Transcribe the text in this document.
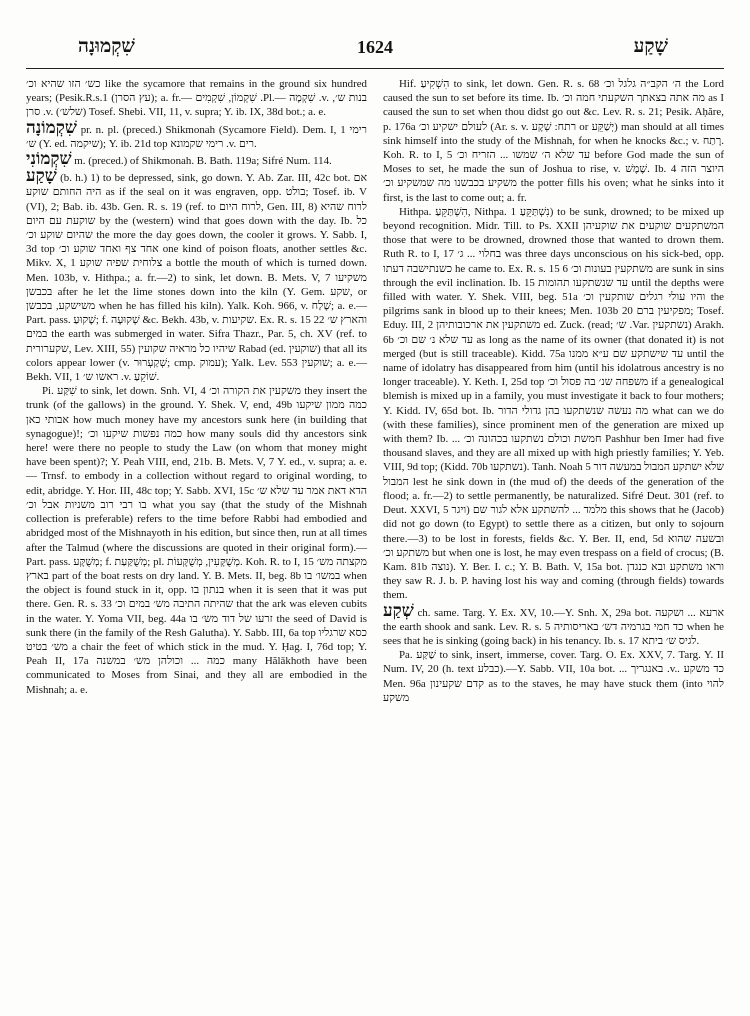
שִׁקְמוּנָה	1624	שָׁקַע

כש׳ הזו שהיא וכ׳ like the sycamore that remains in the ground six hundred years; (Pesik.R.s.1 (עץ הסרן); a. fr.— שִׁקְמוֹן, שִׁקְמִים .Pl.— שִׁקְמָה .v. בנות ש׳, סרן .v. (שלש׳) Tosef. Shebi. VII, 11, v. supra; Y. ib. IX, 38d bot.; a. e.

שִׁקְמוֹנָה pr. n. pl. (preced.) Shikmonah (Sycamore Field). Dem. I, 1 רימי ש׳ (Y. ed. שיקמה); Y. ib. 21d top רימי שקמונא .v. רים.

שִׁקְמוֹנִי m. (preced.) of Shikmonah. B. Bath. 119a; Sifré Num. 114.

שָׁקַע (b. h.) 1) to be depressed, sink, go down. Y. Ab. Zar. III, 42c bot. אם היה החותם שוקע as if the seal on it was engraven, opp. בולט; Tosef. ib. V (VI), 2; Bab. ib. 43b. Gen. R. s. 19 (ref. to לרוח היום, Gen. III, 8) לרוח שהיא שוקעת עם היום by the (western) wind that goes down with the day. Ib. כל שהיום שוקע וכ׳ the more the day goes down, the cooler it grows. Y. Sabb. I, 3d top אחד צף ואחד שוקע וכ׳ one kind of poison floats, another settles &c. Mikv. X, 1 צלוחית שפיה שוקע a bottle the mouth of which is turned down. Men. 103b, v. Hithpa.; a. fr.—2) to sink, let down. B. Mets. V, 7 משקיעו בכבשן after he let the lime stones down into the kiln (Y. Gem. שקע, or משישקע, בכבשן when he has filled his kiln). Yalk. Koh. 966, v. שָׁלַח; a. e.—Part. pass. שָׁקוּעַ; f. שְׁקוּעָה &c. Bekh. 43b, v. שקיעות. Ex. R. s. 15 22 והארץ ש׳ במים the earth was submerged in water. Sifra Thazr., Par. 5, ch. XV (ref. to שקערורית, Lev. XIII, 55) שיהיו כל מראיה שקועין Rabad (ed. שוקעין) that all its colors appear lower (v. שְׁקַעְרוּר; cmp. עמוק); Yalk. Lev. 553 שוקעין; a. e.—Bekh. VII, 1 ראשו ש׳ .v. שׁוֹקֵעַ.

Pi. שִׁקַּע to sink, let down. Snh. VI, 4 משקעין את הקורה וכ׳ they insert the trunk (of the gallows) in the ground. Y. Shek. V, end, 49b כמה ממון שיקעו אבותי כאן how much money have my ancestors sunk here (in building that synagogue)!; כמה נפשות שיקעו וכ׳ how many souls did thy ancestors sink here! were there no people to study the Law (on whom that money might have been spent)?; Y. Peah VIII, end, 21b. B. Mets. V, 7 Y. ed., v. supra; a. e.— Trnsf. to embody in a collection without regard to original wording, to edit, abridge. Y. Hor. III, 48c top; Y. Sabb. XVI, 15c הדא דאת אמר עד שלא ש׳ בו רבי רוב משניות אבל וכ׳ what you say (that the study of the Mishnah collection is preferable) refers to the time before Rabbi had embodied and abridged most of the Mishnayoth in his edition, but since then, run at all times after the Talmud (where the discussions are quoted in their original form).—Part. pass. מְשֻׁקָּע; f. מְשֻׁקַּעַת; pl. מְשֻׁקָּעִין, מְשֻׁקָּעוֹת. Koh. R. to I, 15 מקצתה מש׳ בארץ part of the boat rests on dry land. Y. B. Mets. II, beg. 8b במשו׳ בו when the object is found stuck in it, opp. בנתון בו when it is seen that it was put there. Gen. R. s. 33 שהיתה התיבה מש׳ במים וכ׳ that the ark was eleven cubits in the water. Y. Yoma VII, beg. 44a זרעו של דוד מש׳ בו the seed of David is sunk there (in the family of the Resh Galutha). Y. Sabb. III, 6a top כסא שרגליו מש׳ בטיט a chair the feet of which stick in the mud. Y. Ḥag. I, 76d top; Y. Peah II, 17a כמה ... וכולהן מש׳ במשנה many Hălākhoth have been communicated to Moses from Sinai, and they all are embodied in the Mishnah; a. e.

Hif. הִשְׁקִיעַ to sink, let down. Gen. R. s. 68 ה׳ הקב״ה גלגל וכ׳ the Lord caused the sun to set before its time. Ib. מה אתה בצאתך השקעתי חמה וכ׳ as I caused the sun to set when thou didst go out &c. Lev. R. s. 21; Pesik. Aḥăre, p. 176a לעולם ישקיע וכ׳ (Ar. s. v. רתח: שְׁקָע or יְשַׁקֵּע) man should at all times sink himself into the study of the Mishnah, for when he knocks &c.; v. רָתַח. Koh. R. to I, 5 עד שלא ה׳ שמשו ... הזריח וכ׳ before God made the sun of Moses to set, he made the sun of Joshua to rise, v. שֶׁמֶשׁ. Ib. 4 היוצר הזה משקיע בכבשנו מה שמשקיע וכ׳ the potter fills his oven; what he sinks into it first, is the last to come out; a. fr.

Hithpa. הִשְׁתַּקֵּעַ, Nithpa. נִשְׁתַּקֵּעַ 1) to be sunk, drowned; to be mixed up beyond recognition. Midr. Till. to Ps. XXII המשתקעים שוקעים את שוקעיהן those that were to be drowned, drowned those that wanted to drown them. Ruth R. to I, 17 בחלוי ... ג׳ was three days unconscious on his sick-bed, opp. כשנתישבה דעתו he came to. Ex. R. s. 15 6 משתקעין בעונות וכ׳ are sunk in sins through the evil inclination. Ib. 15 עד שנשתקעו תהומות until the depths were filled with water. Y. Shek. VIII, beg. 51a והיו עולי רגלים שותקעין וכ׳ the pilgrims sank in blood up to their knees; Men. 103b מפקיעין ברם 20; Tosef. Eduy. III, 2 משתקעין את ארכובותיהן ed. Zuck. (read; ש׳ .Var. נשתקעין) Arakh. 6b עד שלא נ׳ שם וכ׳ as long as the name of its owner (that donated it) is not merged (but is still traceable). Kidd. 75a עד שישתקע שם ע״א ממנו until the name of idolatry has disappeared from him (until his idolatrous ancestry is no longer traceable). Y. Keth. I, 25d top משפחה שנ׳ בה פסול וכ׳ if a genealogical blemish is mixed up in a family, you must investigate it back to four mothers; Y. Kidd. IV, 65d bot. Ib. מה נעשה שנשתקעו בהן גדולי הדור what can we do (with these families), since prominent men of the generation are mixed up with them? Ib. ... חמשת וכולם נשתקעו בכהונה וכ׳ Pashhur ben Imer had five thousand slaves, and they are all mixed up with high priestly families; Y. Yeb. VIII, 9d top; (Kidd. 70b נשתקעו). Tanh. Noah 5 שלא ישתקע המבול במעשה דור המבול lest he sink down in (the mud of) the deeds of the generation of the flood; a. fr.—2) to settle permanently, be naturalized. Sifré Deut. 301 (ref. to Deut. XXVI, 5 ויגר) מלמד ... להשתקע אלא לגור שם this shows that he (Jacob) did not go down (to Egypt) to settle there as a citizen, but only to sojourn there.—3) to be lost in forests, fields &c. Y. Ber. II, end, 5d ובשעה שהוא משתקע וכ׳ but when one is lost, he may even trespass on a field of crocus; (B. Kam. 81b נוצה). Y. Ber. I. c.; Y. B. Bath. V, 15a bot. וראו משתקע ובא כנגדן they saw R. J. b. P. having lost his way and coming (through fields) towards them.

שְׁקַע ch. same. Targ. Y. Ex. XV, 10.—Y. Snh. X, 29a bot. ארעא ... ושקעה the earth shook and sank. Lev. R. s. 5 כד חמי בגרמיה דש׳ באריסותיה when he sees that he is sinking (going back) in his tenancy. Ib. s. 17 לגיס ש׳ ביתא.

Pa. שַׁקַּע to sink, insert, immerse, cover. Targ. O. Ex. XXV, 7. Targ. Y. II Num. IV, 20 (h. text כבלע).—Y. Sabb. VII, 10a bot. ... באנגריך .v.. כד משקע Men. 96a קדם שקעינון as to the staves, he may have stuck them (into להוי משקע
